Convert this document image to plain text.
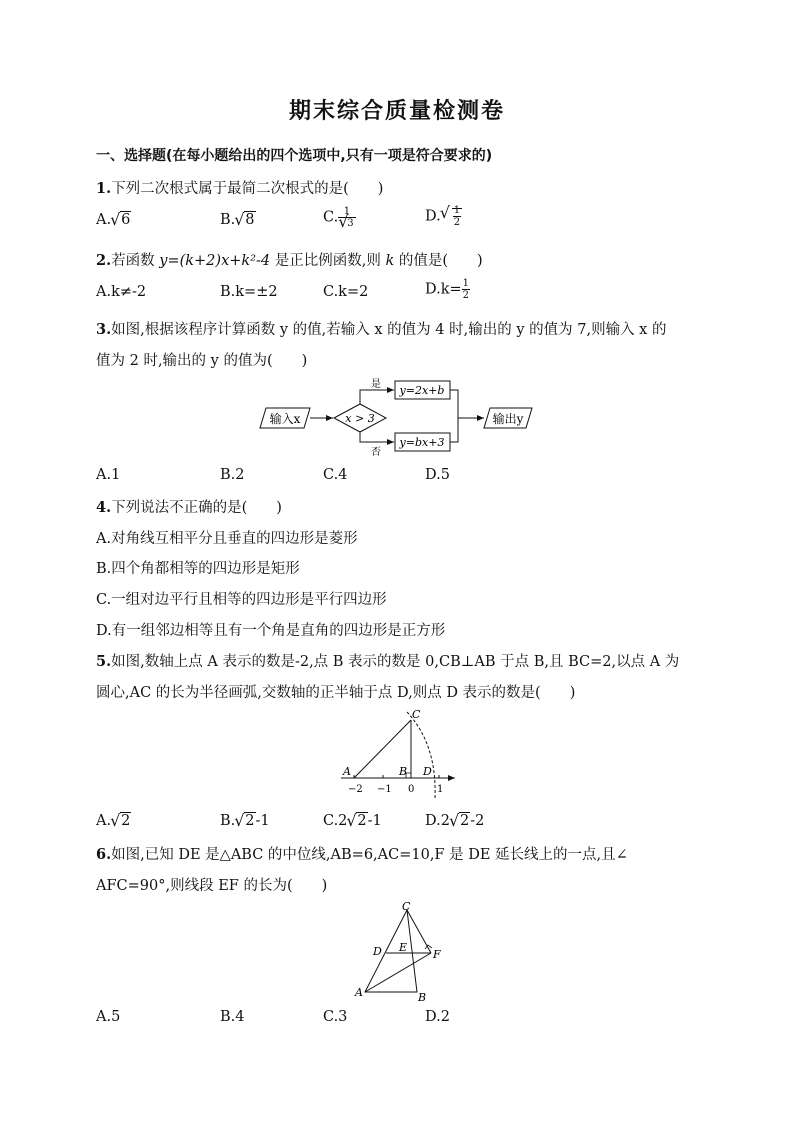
期末综合质量检测卷
一、选择题(在每小题给出的四个选项中,只有一项是符合要求的)
1.下列二次根式属于最简二次根式的是(　　)
A. √ 6	B. √ 8	C. 1
√ 3	D. √ $\frac{1}{2}$
2.若函数 y=(k+2)x+k²-4 是正比例函数,则 k 的值是(　　)
A.k≠-2	B.k=±2	C.k=2	$D.k= \frac{1}{2}$
3.如图,根据该程序计算函数 y 的值,若输入 x 的值为 4 时,输出的 y 的值为 7,则输入 x 的
值为 2 时,输出的 y 的值为(　　)
输入x	x > 3
是
否
y=2x+b
y=bx+3
输出y
A.1	B.2	C.4	D.5
4.下列说法不正确的是(　　)
A.对角线互相平分且垂直的四边形是菱形
B.四个角都相等的四边形是矩形
C.一组对边平行且相等的四边形是平行四边形
D.有一组邻边相等且有一个角是直角的四边形是正方形
5.如图,数轴上点 A 表示的数是-2,点 B 表示的数是 0,CB⊥AB 于点 B,且 BC=2,以点 A 为
圆心,AC 的长为半径画弧,交数轴的正半轴于点 D,则点 D 表示的数是(　　)
C
A	B D
−2 −1 0 1
A. √ 2	B. √ 2-1	C.2 √ 2-1	D.2 √ 2-2
6.如图,已知 DE 是△ABC 的中位线,AB=6,AC=10,F 是 DE 延长线上的一点,且∠
AFC=90°,则线段 EF 的长为(　　)
C
D E
F
A	B
A.5	B.4	C.3	D.2
